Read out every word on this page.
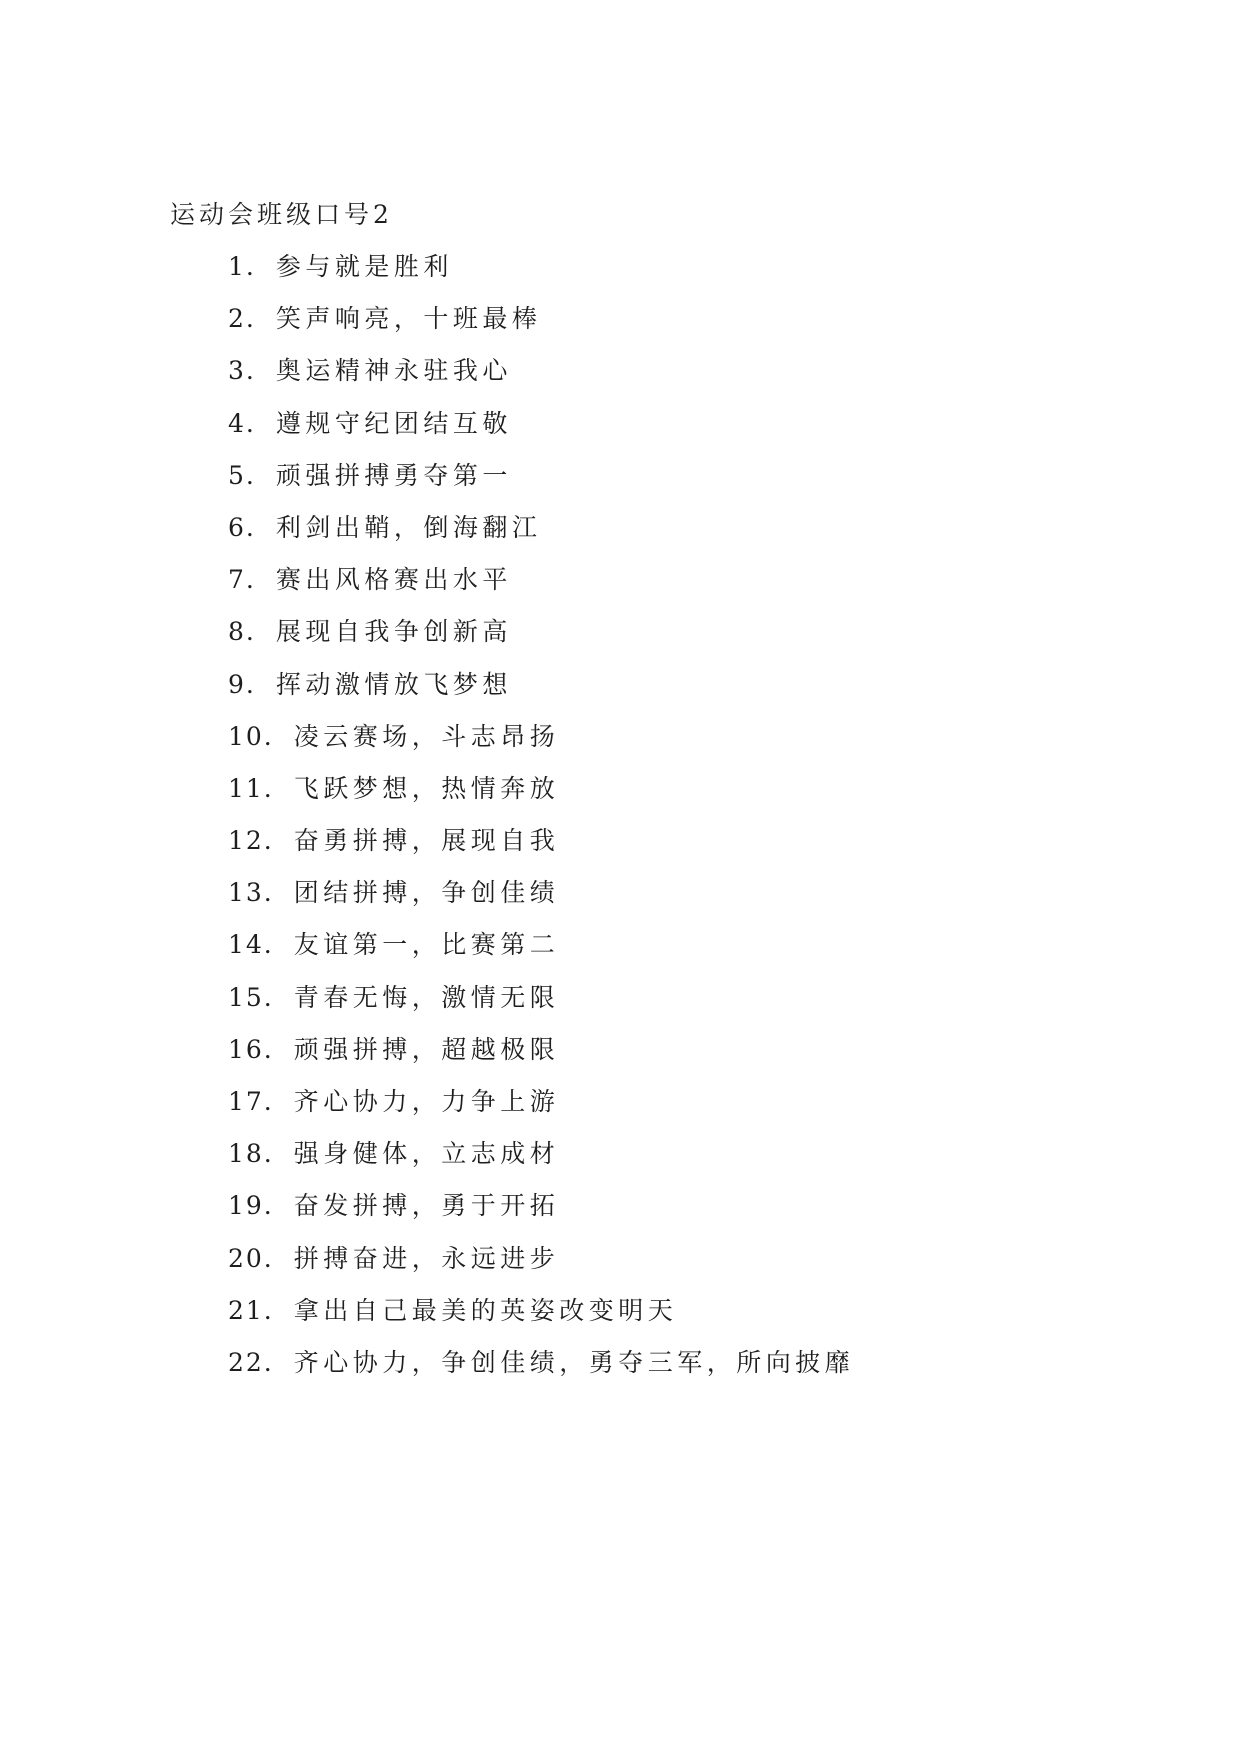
运动会班级口号2
1. 参与就是胜利
2. 笑声响亮，十班最棒
3. 奥运精神永驻我心
4. 遵规守纪团结互敬
5. 顽强拼搏勇夺第一
6. 利剑出鞘，倒海翻江
7. 赛出风格赛出水平
8. 展现自我争创新高
9. 挥动激情放飞梦想
10. 凌云赛场，斗志昂扬
11. 飞跃梦想，热情奔放
12. 奋勇拼搏，展现自我
13. 团结拼搏，争创佳绩
14. 友谊第一，比赛第二
15. 青春无悔，激情无限
16. 顽强拼搏，超越极限
17. 齐心协力，力争上游
18. 强身健体，立志成材
19. 奋发拼搏，勇于开拓
20. 拼搏奋进，永远进步
21. 拿出自己最美的英姿改变明天
22. 齐心协力，争创佳绩，勇夺三军，所向披靡
